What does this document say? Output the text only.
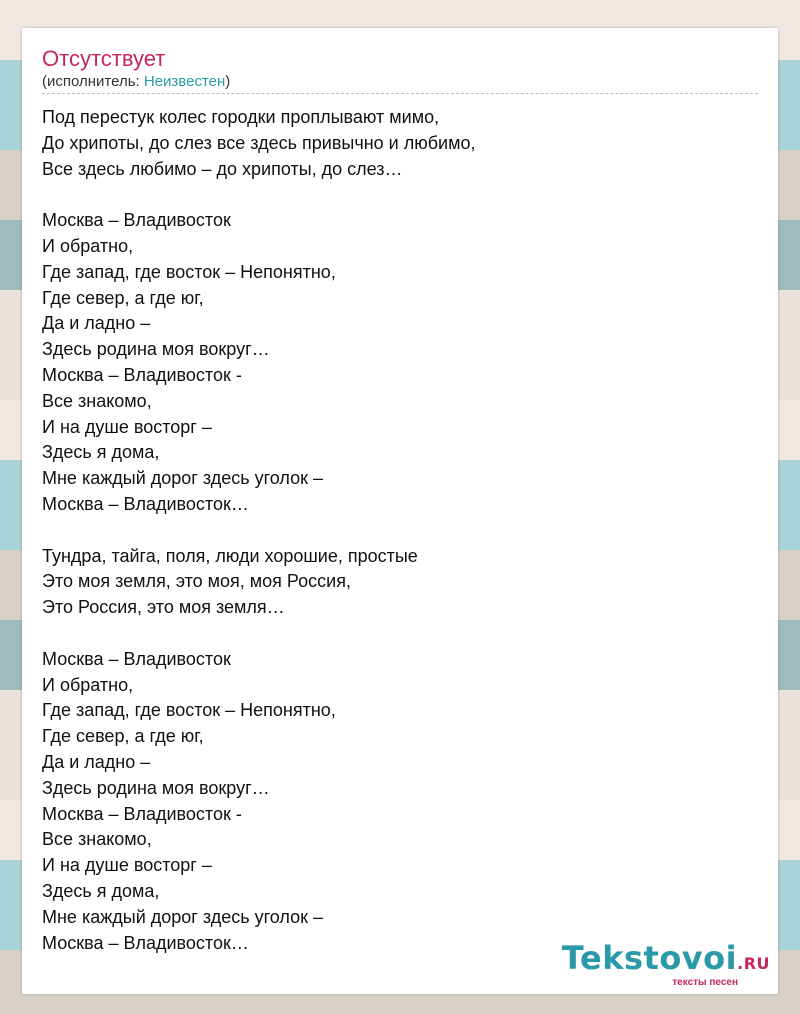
Отсутствует
(исполнитель: Неизвестен)
Под перестук колес городки проплывают мимо,
До хрипоты, до слез все здесь привычно и любимо,
Все здесь любимо – до хрипоты, до слез…
Москва – Владивосток
И обратно,
Где запад, где восток – Непонятно,
Где север, а где юг,
Да и ладно –
Здесь родина моя вокруг…
Москва – Владивосток -
Все знакомо,
И на душе восторг –
Здесь я дома,
Мне каждый дорог здесь уголок –
Москва – Владивосток…
Тундра, тайга, поля, люди хорошие, простые
Это моя земля, это моя, моя Россия,
Это Россия, это моя земля…
Москва – Владивосток
И обратно,
Где запад, где восток – Непонятно,
Где север, а где юг,
Да и ладно –
Здесь родина моя вокруг…
Москва – Владивосток -
Все знакомо,
И на душе восторг –
Здесь я дома,
Мне каждый дорог здесь уголок –
Москва – Владивосток…	Tekstovoi.RU
тексты песен
